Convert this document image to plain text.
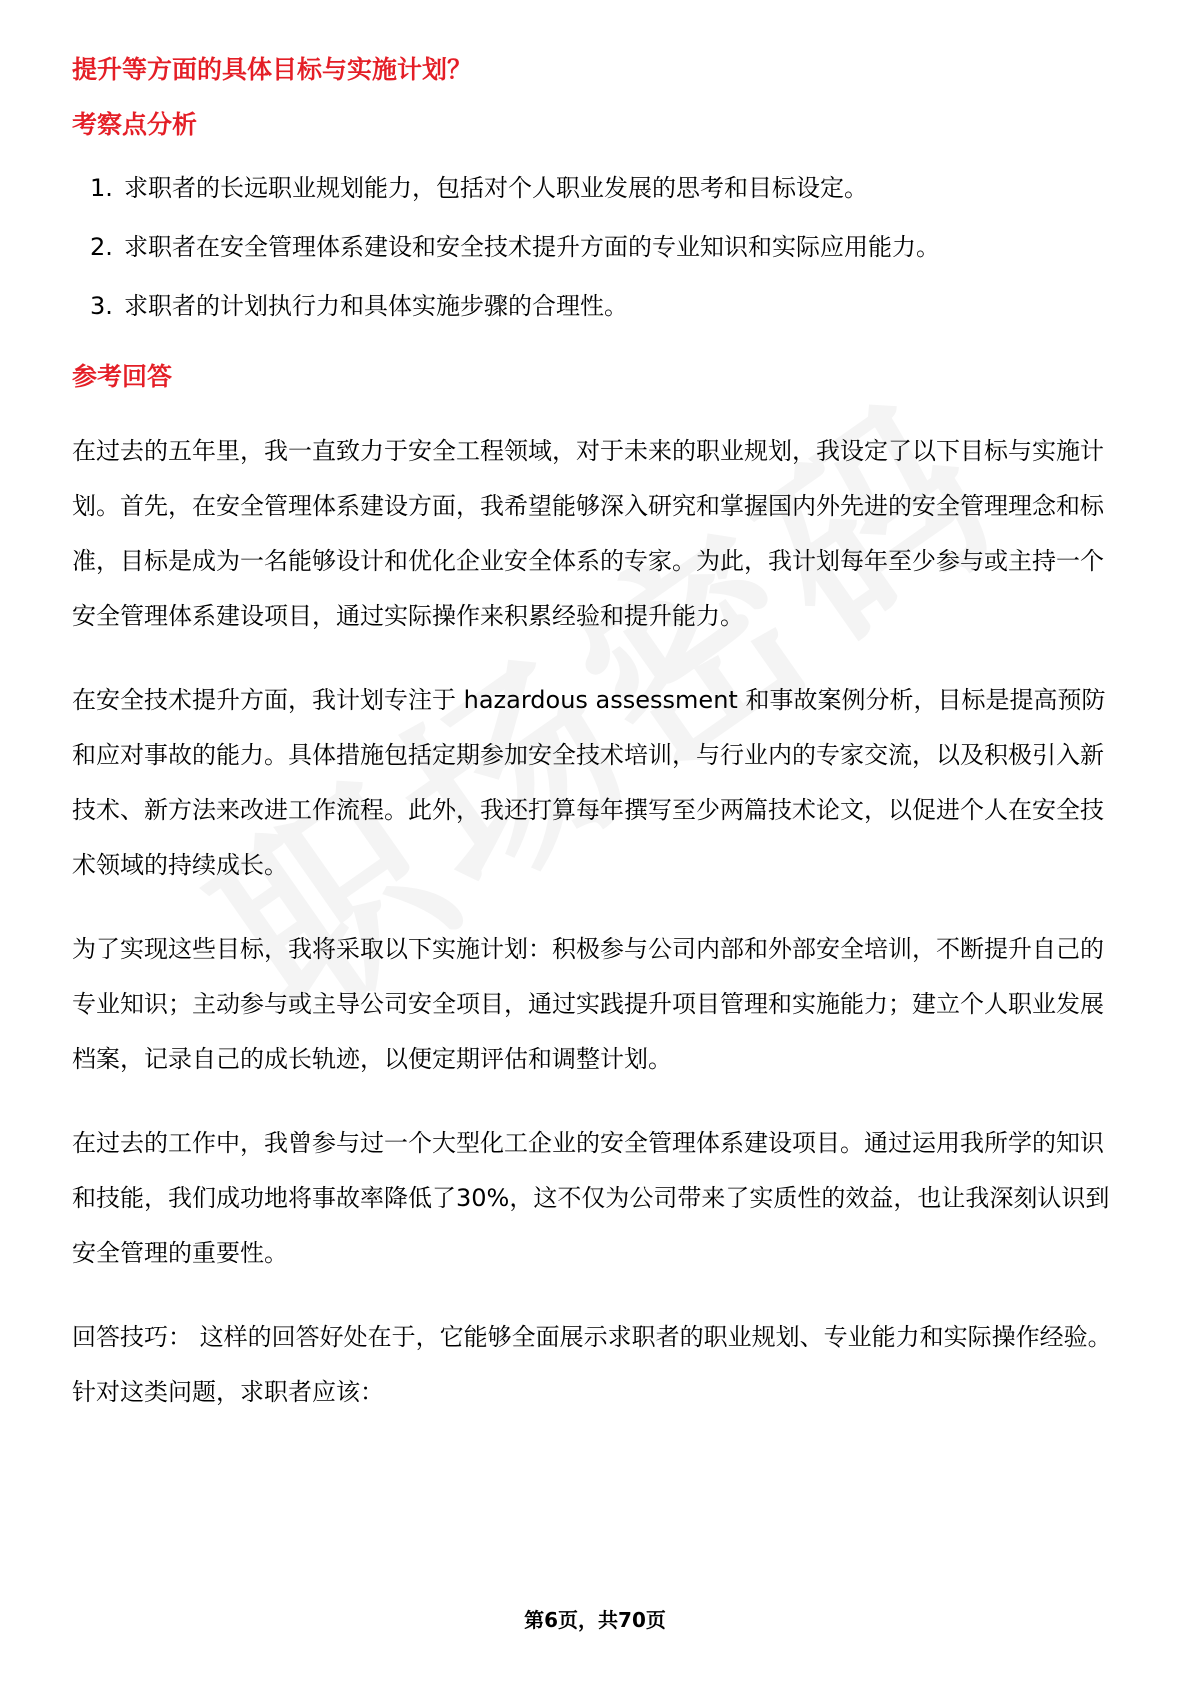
提升等方面的具体目标与实施计划？

考察点分析

1. 求职者的长远职业规划能力，包括对个人职业发展的思考和目标设定。
2. 求职者在安全管理体系建设和安全技术提升方面的专业知识和实际应用能力。
3. 求职者的计划执行力和具体实施步骤的合理性。

参考回答

在过去的五年里，我一直致力于安全工程领域，对于未来的职业规划，我设定了以下目标与实施计划。首先，在安全管理体系建设方面，我希望能够深入研究和掌握国内外先进的安全管理理念和标准，目标是成为一名能够设计和优化企业安全体系的专家。为此，我计划每年至少参与或主持一个安全管理体系建设项目，通过实际操作来积累经验和提升能力。

在安全技术提升方面，我计划专注于 hazardous assessment 和事故案例分析，目标是提高预防和应对事故的能力。具体措施包括定期参加安全技术培训，与行业内的专家交流，以及积极引入新技术、新方法来改进工作流程。此外，我还打算每年撰写至少两篇技术论文，以促进个人在安全技术领域的持续成长。

为了实现这些目标，我将采取以下实施计划：积极参与公司内部和外部安全培训，不断提升自己的专业知识；主动参与或主导公司安全项目，通过实践提升项目管理和实施能力；建立个人职业发展档案，记录自己的成长轨迹，以便定期评估和调整计划。

在过去的工作中，我曾参与过一个大型化工企业的安全管理体系建设项目。通过运用我所学的知识和技能，我们成功地将事故率降低了30%，这不仅为公司带来了实质性的效益，也让我深刻认识到安全管理的重要性。

回答技巧： 这样的回答好处在于，它能够全面展示求职者的职业规划、专业能力和实际操作经验。针对这类问题，求职者应该：

第6页，共70页
